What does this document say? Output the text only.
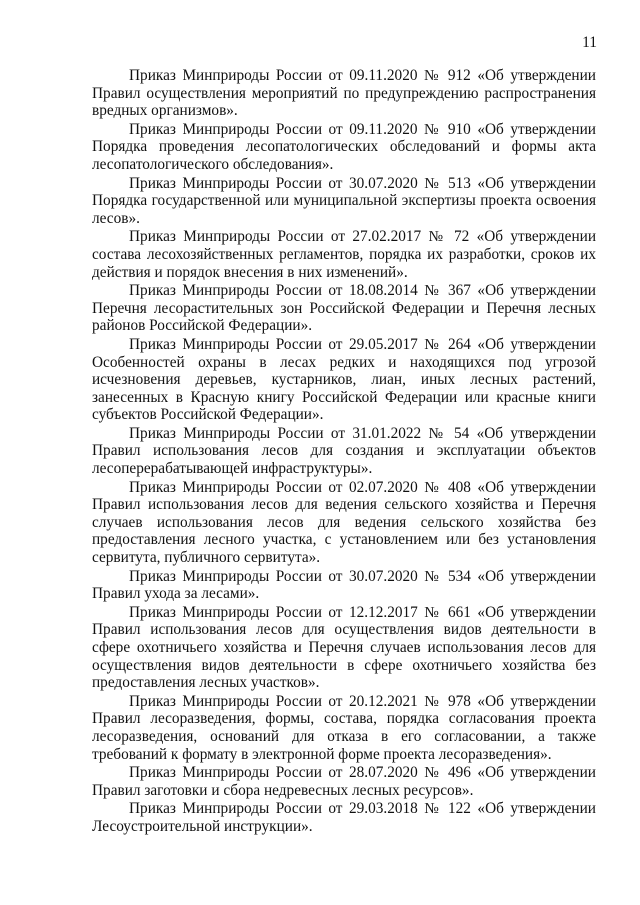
11

Приказ Минприроды России от 09.11.2020 № 912 «Об утверждении Правил осуществления мероприятий по предупреждению распространения вредных организмов».

Приказ Минприроды России от 09.11.2020 № 910 «Об утверждении Порядка проведения лесопатологических обследований и формы акта лесопатологического обследования».

Приказ Минприроды России от 30.07.2020 № 513 «Об утверждении Порядка государственной или муниципальной экспертизы проекта освоения лесов».

Приказ Минприроды России от 27.02.2017 № 72 «Об утверждении состава лесохозяйственных регламентов, порядка их разработки, сроков их действия и порядок внесения в них изменений».

Приказ Минприроды России от 18.08.2014 № 367 «Об утверждении Перечня лесорастительных зон Российской Федерации и Перечня лесных районов Российской Федерации».

Приказ Минприроды России от 29.05.2017 № 264 «Об утверждении Особенностей охраны в лесах редких и находящихся под угрозой исчезновения деревьев, кустарников, лиан, иных лесных растений, занесенных в Красную книгу Российской Федерации или красные книги субъектов Российской Федерации».

Приказ Минприроды России от 31.01.2022 № 54 «Об утверждении Правил использования лесов для создания и эксплуатации объектов лесоперерабатывающей инфраструктуры».

Приказ Минприроды России от 02.07.2020 № 408 «Об утверждении Правил использования лесов для ведения сельского хозяйства и Перечня случаев использования лесов для ведения сельского хозяйства без предоставления лесного участка, с установлением или без установления сервитута, публичного сервитута».

Приказ Минприроды России от 30.07.2020 № 534 «Об утверждении Правил ухода за лесами».

Приказ Минприроды России от 12.12.2017 № 661 «Об утверждении Правил использования лесов для осуществления видов деятельности в сфере охотничьего хозяйства и Перечня случаев использования лесов для осуществления видов деятельности в сфере охотничьего хозяйства без предоставления лесных участков».

Приказ Минприроды России от 20.12.2021 № 978 «Об утверждении Правил лесоразведения, формы, состава, порядка согласования проекта лесоразведения, оснований для отказа в его согласовании, а также требований к формату в электронной форме проекта лесоразведения».

Приказ Минприроды России от 28.07.2020 № 496 «Об утверждении Правил заготовки и сбора недревесных лесных ресурсов».

Приказ Минприроды России от 29.03.2018 № 122 «Об утверждении Лесоустроительной инструкции».
